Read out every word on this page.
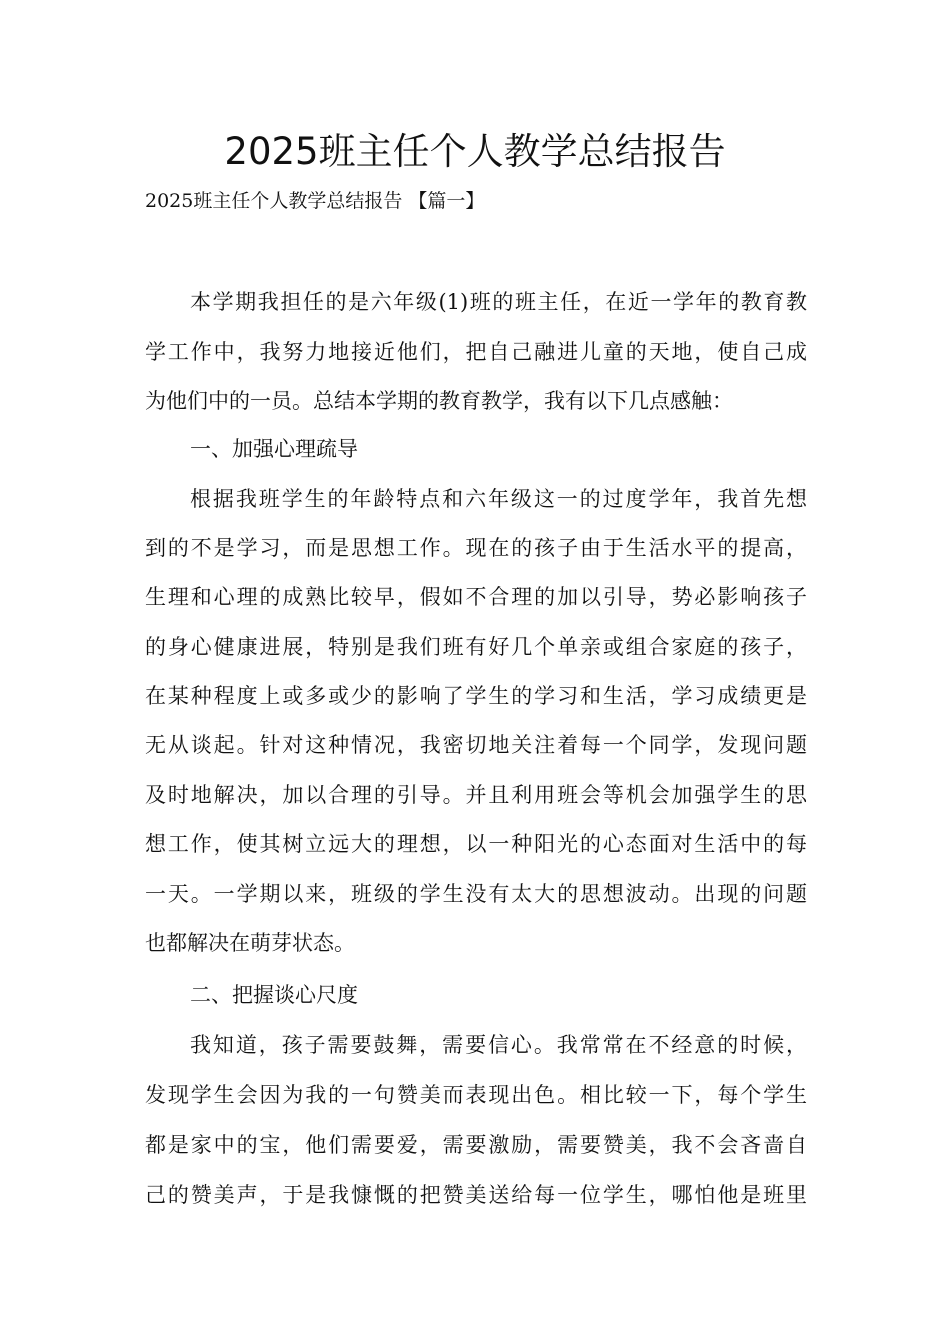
2025班主任个人教学总结报告
2025班主任个人教学总结报告 【篇一】
本学期我担任的是六年级(1)班的班主任，在近一学年的教育教
学工作中，我努力地接近他们，把自己融进儿童的天地，使自己成
为他们中的一员。总结本学期的教育教学，我有以下几点感触：
一、加强心理疏导
根据我班学生的年龄特点和六年级这一的过度学年，我首先想
到的不是学习，而是思想工作。现在的孩子由于生活水平的提高，
生理和心理的成熟比较早，假如不合理的加以引导，势必影响孩子
的身心健康进展，特别是我们班有好几个单亲或组合家庭的孩子，
在某种程度上或多或少的影响了学生的学习和生活，学习成绩更是
无从谈起。针对这种情况，我密切地关注着每一个同学，发现问题
及时地解决，加以合理的引导。并且利用班会等机会加强学生的思
想工作，使其树立远大的理想，以一种阳光的心态面对生活中的每
一天。一学期以来，班级的学生没有太大的思想波动。出现的问题
也都解决在萌芽状态。
二、把握谈心尺度
我知道，孩子需要鼓舞，需要信心。我常常在不经意的时候，
发现学生会因为我的一句赞美而表现出色。相比较一下，每个学生
都是家中的宝，他们需要爱，需要激励，需要赞美，我不会吝啬自
己的赞美声，于是我慷慨的把赞美送给每一位学生，哪怕他是班里
